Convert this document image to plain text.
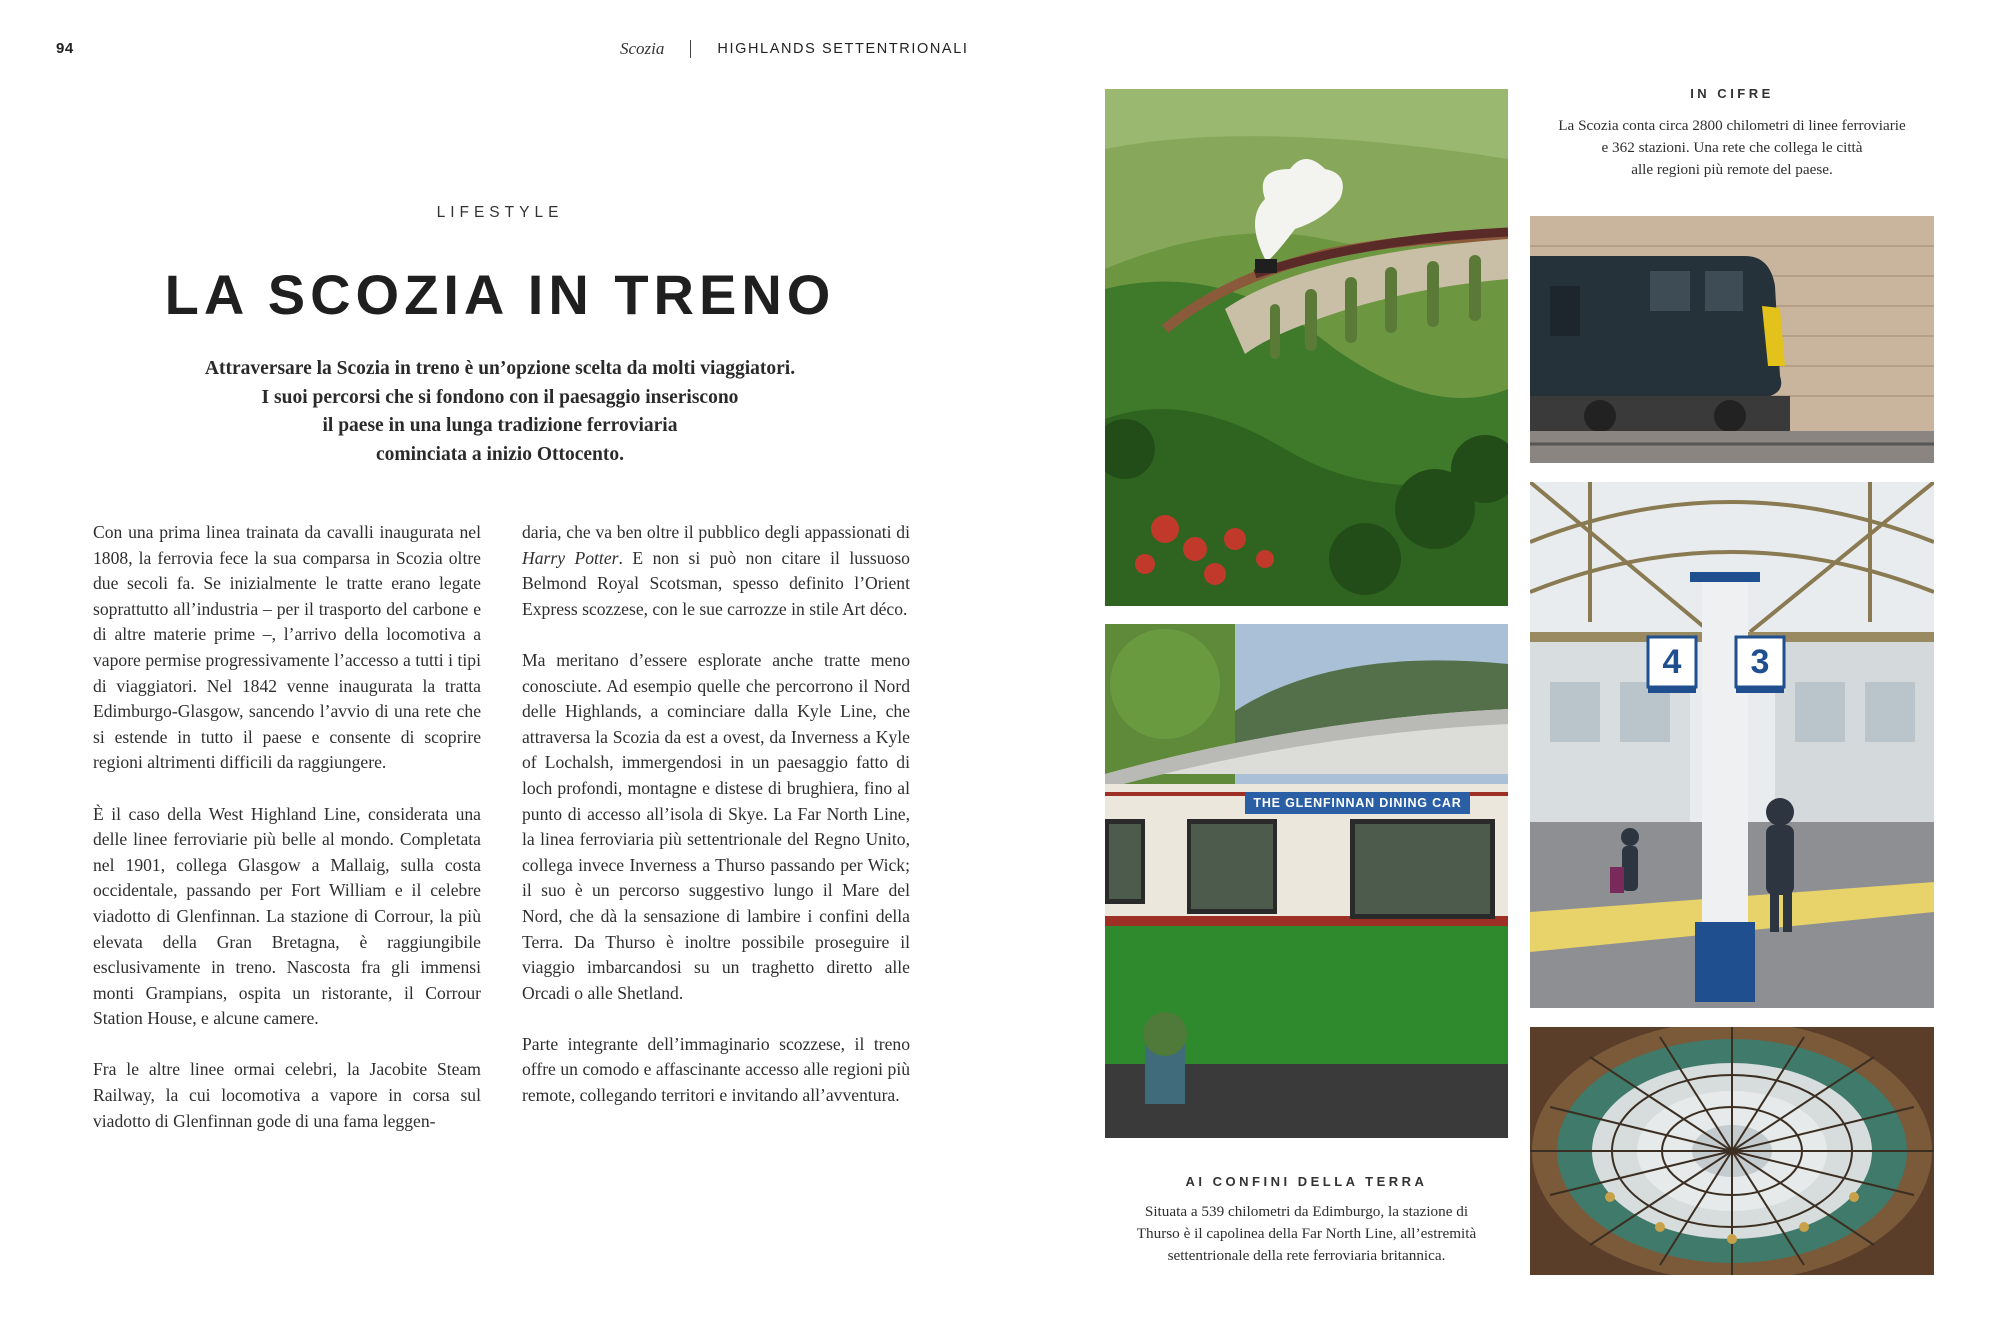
94	Scozia	HIGHLANDS SETTENTRIONALI
LIFESTYLE
LA SCOZIA IN TRENO
Attraversare la Scozia in treno è un’opzione scelta da molti viaggiatori.
I suoi percorsi che si fondono con il paesaggio inseriscono
il paese in una lunga tradizione ferroviaria
cominciata a inizio Ottocento.

Con una prima linea trainata da cavalli inaugurata nel 1808, la ferrovia fece la sua comparsa in Scozia oltre due secoli fa. Se inizialmente le tratte erano legate soprattutto all’industria – per il trasporto del carbone e di altre materie prime –, l’arrivo della locomotiva a vapore permise progressivamente l’accesso a tutti i tipi di viaggiatori. Nel 1842 venne inaugurata la tratta Edimburgo-Glasgow, sancendo l’avvio di una rete che si estende in tutto il paese e consente di scoprire regioni altrimenti difficili da raggiungere.

È il caso della West Highland Line, considerata una delle linee ferroviarie più belle al mondo. Completata nel 1901, collega Glasgow a Mallaig, sulla costa occidentale, passando per Fort William e il celebre viadotto di Glenfinnan. La stazione di Corrour, la più elevata della Gran Bretagna, è raggiungibile esclusivamente in treno. Nascosta fra gli immensi monti Grampians, ospita un ristorante, il Corrour Station House, e alcune camere.

Fra le altre linee ormai celebri, la Jacobite Steam Railway, la cui locomotiva a vapore in corsa sul viadotto di Glenfinnan gode di una fama leggen-

daria, che va ben oltre il pubblico degli appassionati di Harry Potter. E non si può non citare il lussuoso Belmond Royal Scotsman, spesso definito l’Orient Express scozzese, con le sue carrozze in stile Art déco.

Ma meritano d’essere esplorate anche tratte meno conosciute. Ad esempio quelle che percorrono il Nord delle Highlands, a cominciare dalla Kyle Line, che attraversa la Scozia da est a ovest, da Inverness a Kyle of Lochalsh, immergendosi in un paesaggio fatto di loch profondi, montagne e distese di brughiera, fino al punto di accesso all’isola di Skye. La Far North Line, la linea ferroviaria più settentrionale del Regno Unito, collega invece Inverness a Thurso passando per Wick; il suo è un percorso suggestivo lungo il Mare del Nord, che dà la sensazione di lambire i confini della Terra. Da Thurso è inoltre possibile proseguire il viaggio imbarcandosi su un traghetto diretto alle Orcadi o alle Shetland.

Parte integrante dell’immaginario scozzese, il treno offre un comodo e affascinante accesso alle regioni più remote, collegando territori e invitando all’avventura.

THE GLENFINNAN DINING CAR
4	3
IN CIFRE
La Scozia conta circa 2800 chilometri di linee ferroviarie
e 362 stazioni. Una rete che collega le città
alle regioni più remote del paese.
AI CONFINI DELLA TERRA
Situata a 539 chilometri da Edimburgo, la stazione di
Thurso è il capolinea della Far North Line, all’estremità
settentrionale della rete ferroviaria britannica.
